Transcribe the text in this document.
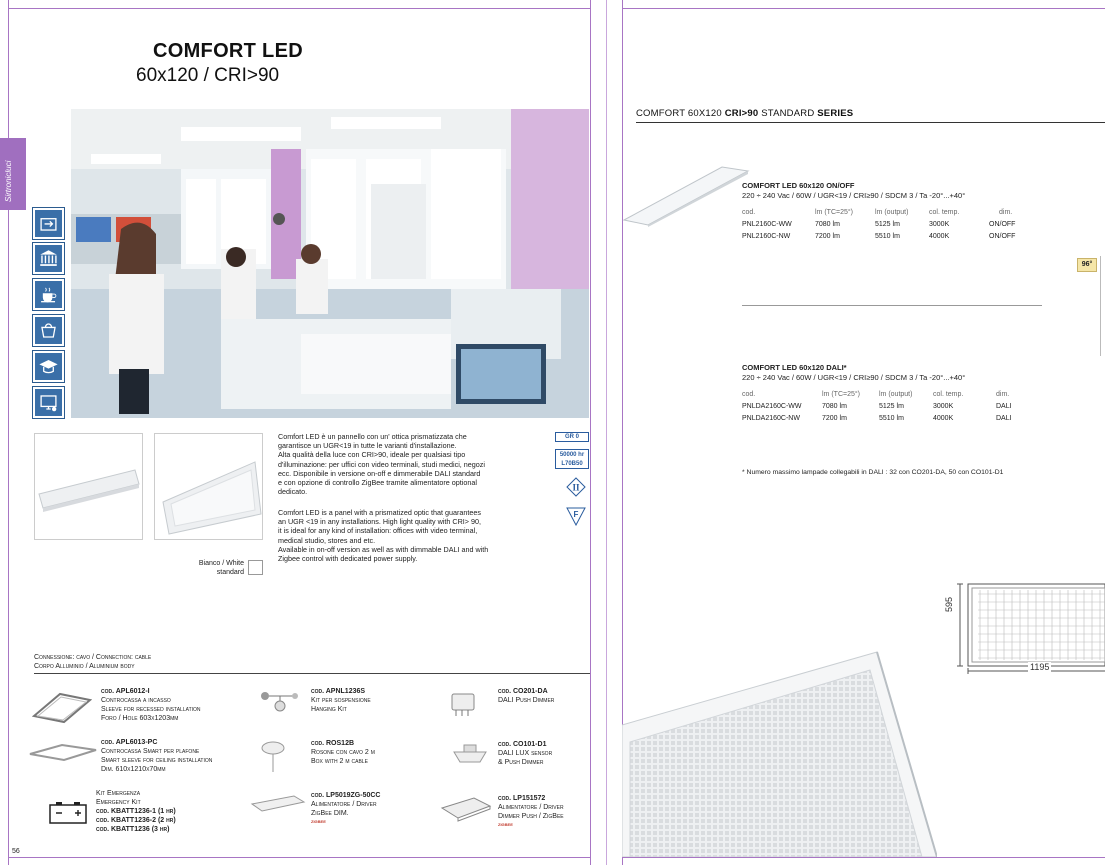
COMFORT LED
60x120 / CRI>90
Sirtronicluci
Bianco / White
standard
Comfort LED è un pannello con un' ottica prismatizzata che
garantisce un UGR<19 in tutte le varianti d'installazione.
Alta qualità della luce con CRI>90, ideale per qualsiasi tipo
d'illuminazione: per uffici con video terminali, studi medici, negozi
ecc. Disponibile in versione on-off e dimmerabile DALI standard
e con opzione di controllo ZigBee tramite alimentatore optional
dedicato.
Comfort LED is a panel with a prismatized optic that guarantees
an UGR <19 in any installations. High light quality with CRI> 90,
it is ideal for any kind of installation: offices with video terminal,
medical studio, stores and etc.
Available in on-off version as well as with dimmable DALI and with
Zigbee control with dedicated power supply.
GR 0
50000 hr
L70B50
II
F
Connessione: cavo / Connection: cable
Corpo Alluminio / Aluminium body
cod. APL6012-I
Controcassa a incasso
Sleeve for recessed installation
Foro / Hole 603x1203mm
cod. APNL1236S
Kit per sospensione
Hanging Kit
cod. CO201-DA
DALI Push Dimmer
cod. APL6013-PC
Controcassa Smart per plafone
Smart sleeve for ceiling installation
Dim. 610x1210x70mm
cod. ROS12B
Rosone con cavo 2 m
Box with 2 m cable
cod. CO101-D1
DALI LUX sensor
& Push Dimmer
Kit Emergenza
Emergency Kit
cod. KBATT1236-1 (1 hr)
cod. KBATT1236-2 (2 hr)
cod. KBATT1236 (3 hr)
cod. LP5019ZG-50CC
Alimentatore / Driver
ZigBee DIM.
zigbee
cod. LP151572
Alimentatore / Driver
Dimmer Push / ZigBee
zigbee
56
COMFORT 60X120 CRI>90 STANDARD SERIES
COMFORT LED 60x120 ON/OFF
220 ÷ 240 Vac / 60W / UGR<19 / CRI≥90 / SDCM 3 / Ta -20°...+40°
cod.	lm (TC=25°)	lm (output)	col. temp.	dim.
PNL2160C-WW	7080 lm	5125 lm	3000K	ON/OFF
PNL2160C-NW	7200 lm	5510 lm	4000K	ON/OFF
96°
COMFORT LED 60x120 DALI*
220 ÷ 240 Vac / 60W / UGR<19 / CRI≥90 / SDCM 3 / Ta -20°...+40°
cod.	lm (TC=25°)	lm (output)	col. temp.	dim.
PNLDA2160C-WW	7080 lm	5125 lm	3000K	DALI
PNLDA2160C-NW	7200 lm	5510 lm	4000K	DALI
* Numero massimo lampade collegabili in DALI : 32 con CO201-DA, 50 con CO101-D1
595
1195
